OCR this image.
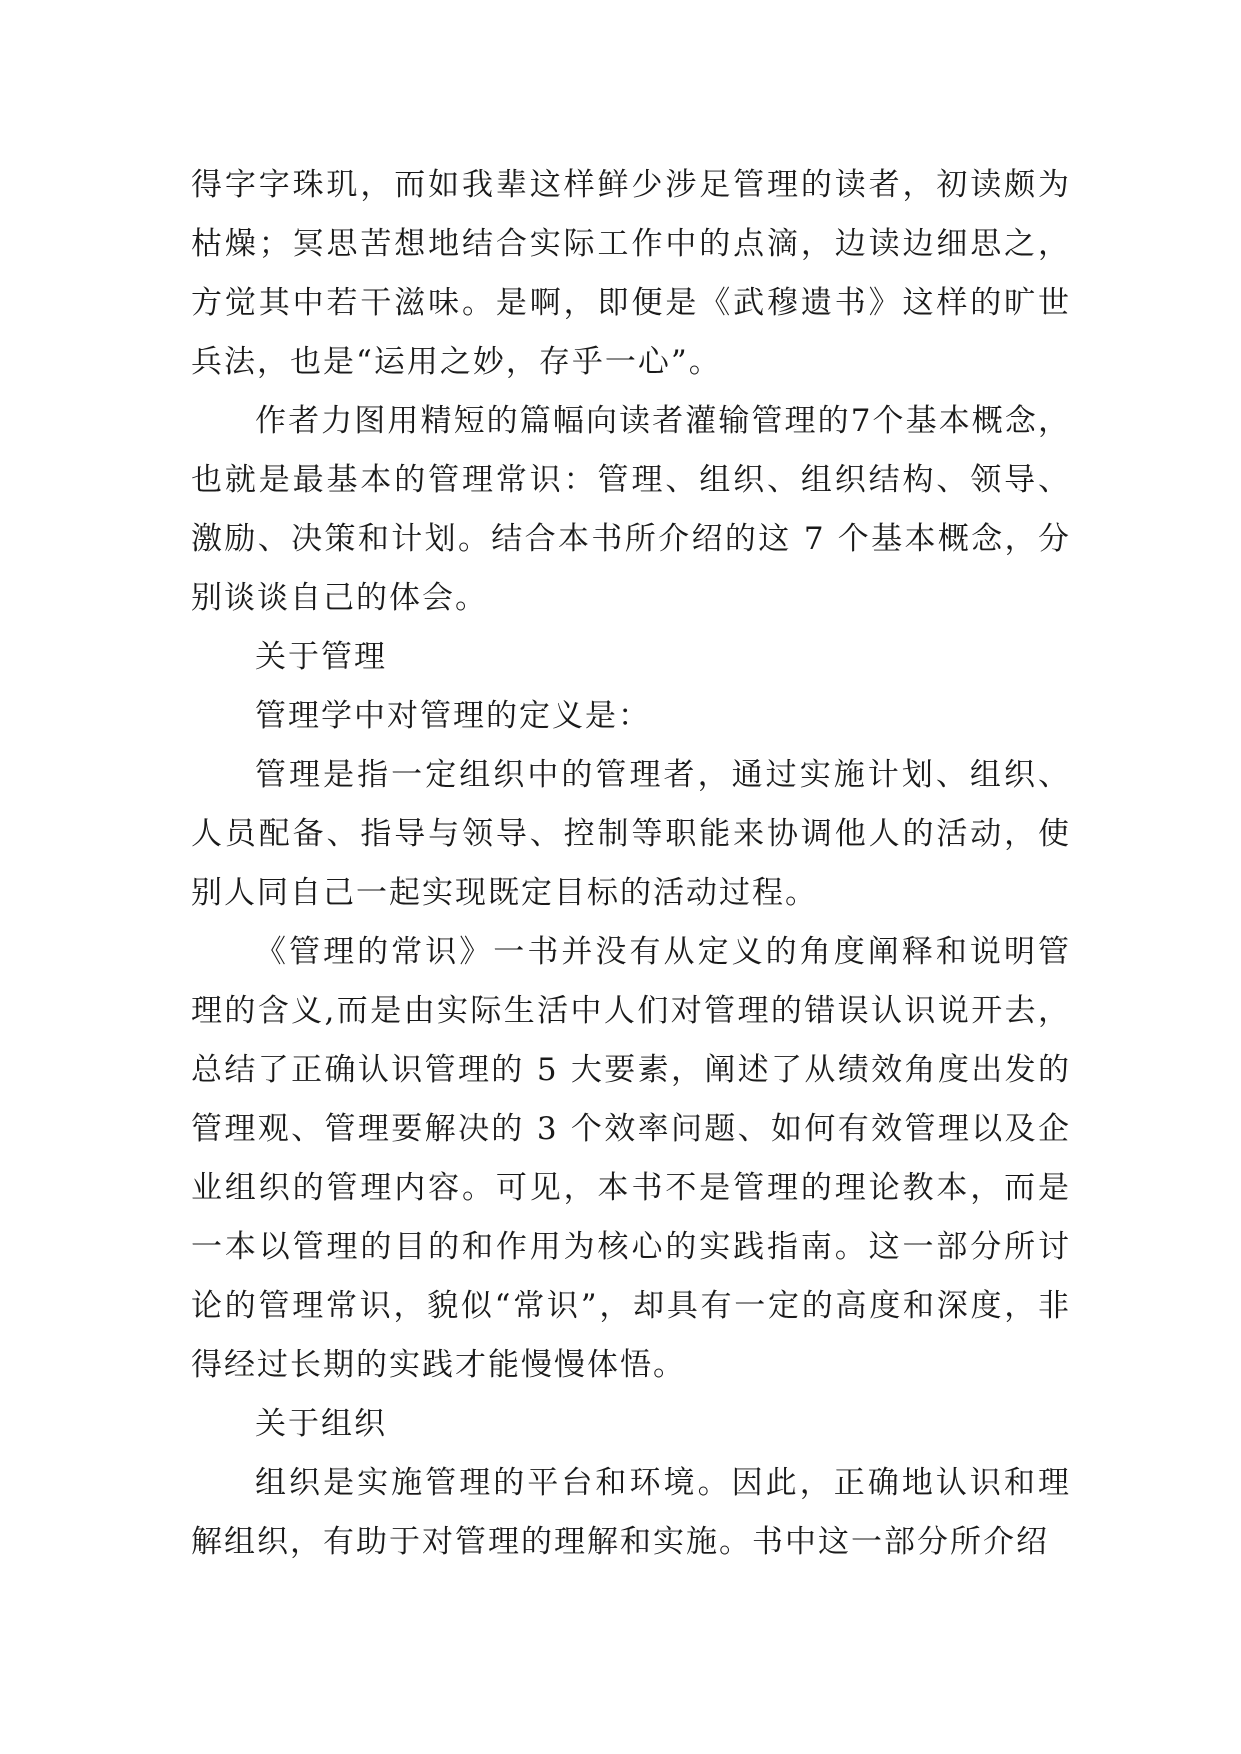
得字字珠玑，而如我辈这样鲜少涉足管理的读者，初读颇为枯燥；冥思苦想地结合实际工作中的点滴，边读边细思之，方觉其中若干滋味。是啊，即便是《武穆遗书》这样的旷世兵法，也是“运用之妙，存乎一心”。

作者力图用精短的篇幅向读者灌输管理的7个基本概念，也就是最基本的管理常识：管理、组织、组织结构、领导、激励、决策和计划。结合本书所介绍的这 7 个基本概念，分别谈谈自己的体会。

关于管理

管理学中对管理的定义是：

管理是指一定组织中的管理者，通过实施计划、组织、人员配备、指导与领导、控制等职能来协调他人的活动，使别人同自己一起实现既定目标的活动过程。

《管理的常识》一书并没有从定义的角度阐释和说明管理的含义,而是由实际生活中人们对管理的错误认识说开去，总结了正确认识管理的 5 大要素，阐述了从绩效角度出发的管理观、管理要解决的 3 个效率问题、如何有效管理以及企业组织的管理内容。可见，本书不是管理的理论教本，而是一本以管理的目的和作用为核心的实践指南。这一部分所讨论的管理常识，貌似“常识”，却具有一定的高度和深度，非得经过长期的实践才能慢慢体悟。

关于组织

组织是实施管理的平台和环境。因此，正确地认识和理解组织，有助于对管理的理解和实施。书中这一部分所介绍
